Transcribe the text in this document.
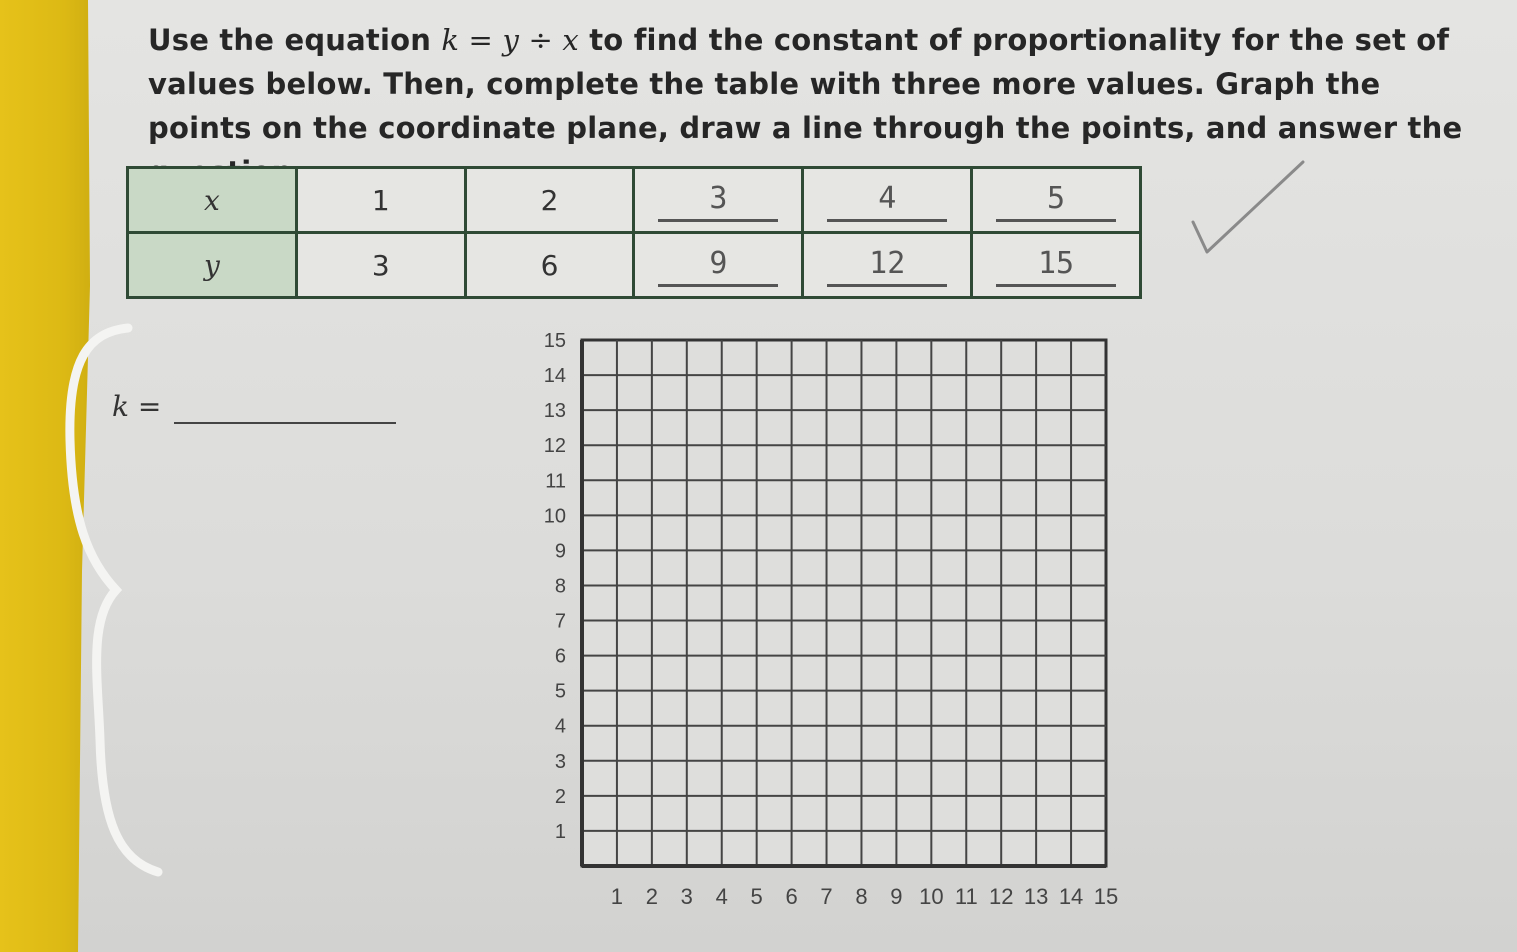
Use the equation k = y ÷ x to find the constant of proportionality for the set of values below. Then, complete the table with three more values. Graph the points on the coordinate plane, draw a line through the points, and answer the
x	1	2	3	4	5
y	3	6	9	12	15
k =
1 2 3 4 5 6 7 8 9 10 11 12 13 14 15
1
2
3
4
5
6
7
8
9
10
11
12
13
14
15
